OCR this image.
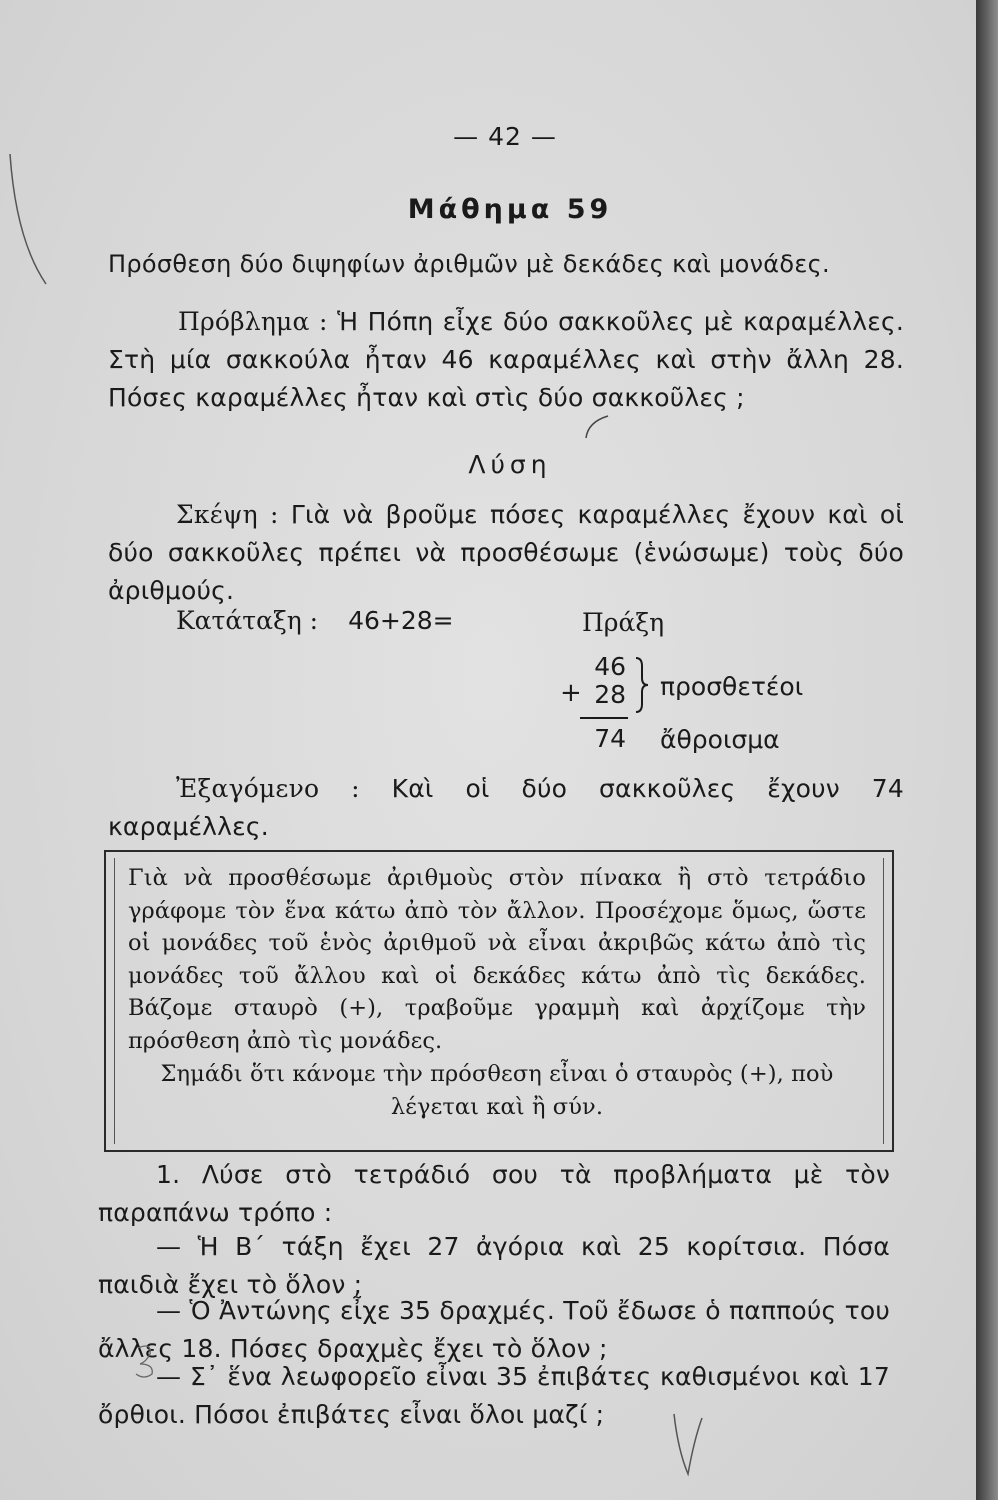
— 42 —
Μάθημα 59
Πρόσθεση δύο διψηφίων ἀριθμῶν μὲ δεκάδες καὶ μονάδες.
Πρόβλημα : Ἡ Πόπη εἶχε δύο σακκοῦλες μὲ καραμέλλες. Στὴ μία σακκούλα ἦταν 46 καραμέλλες καὶ στὴν ἄλλη 28. Πόσες καραμέλλες ἦταν καὶ στὶς δύο σακκοῦλες ;
Λύση
Σκέψη : Γιὰ νὰ βροῦμε πόσες καραμέλλες ἔχουν καὶ οἱ δύο σακκοῦλες πρέπει νὰ προσθέσωμε (ἑνώσωμε) τοὺς δύο ἀριθμούς.
Κατάταξη : 46+28=	Πράξη
46
+ 28
74
προσθετέοι
ἄθροισμα
Ἐξαγόμενο : Καὶ οἱ δύο σακκοῦλες ἔχουν 74 καραμέλλες.
Γιὰ νὰ προσθέσωμε ἀριθμοὺς στὸν πίνακα ἢ στὸ τετράδιο γράφομε τὸν ἕνα κάτω ἀπὸ τὸν ἄλλον. Προσέχομε ὅμως, ὥστε οἱ μονάδες τοῦ ἑνὸς ἀριθμοῦ νὰ εἶναι ἀκριβῶς κάτω ἀπὸ τὶς μονάδες τοῦ ἄλλου καὶ οἱ δεκάδες κάτω ἀπὸ τὶς δεκάδες. Βάζομε σταυρὸ (+), τραβοῦμε γραμμὴ καὶ ἀρχίζομε τὴν πρόσθεση ἀπὸ τὶς μονάδες.
Σημάδι ὅτι κάνομε τὴν πρόσθεση εἶναι ὁ σταυρὸς (+), ποὺ λέγεται καὶ ἢ σύν.
1. Λύσε στὸ τετράδιό σου τὰ προβλήματα μὲ τὸν παραπάνω τρόπο :
— Ἡ Β΄ τάξη ἔχει 27 ἀγόρια καὶ 25 κορίτσια. Πόσα παιδιὰ ἔχει τὸ ὅλον ;
— Ὁ Ἀντώνης εἶχε 35 δραχμές. Τοῦ ἔδωσε ὁ παππούς του ἄλλες 18. Πόσες δραχμὲς ἔχει τὸ ὅλον ;
— Σ᾿ ἕνα λεωφορεῖο εἶναι 35 ἐπιβάτες καθισμένοι καὶ 17 ὄρθιοι. Πόσοι ἐπιβάτες εἶναι ὅλοι μαζί ;
